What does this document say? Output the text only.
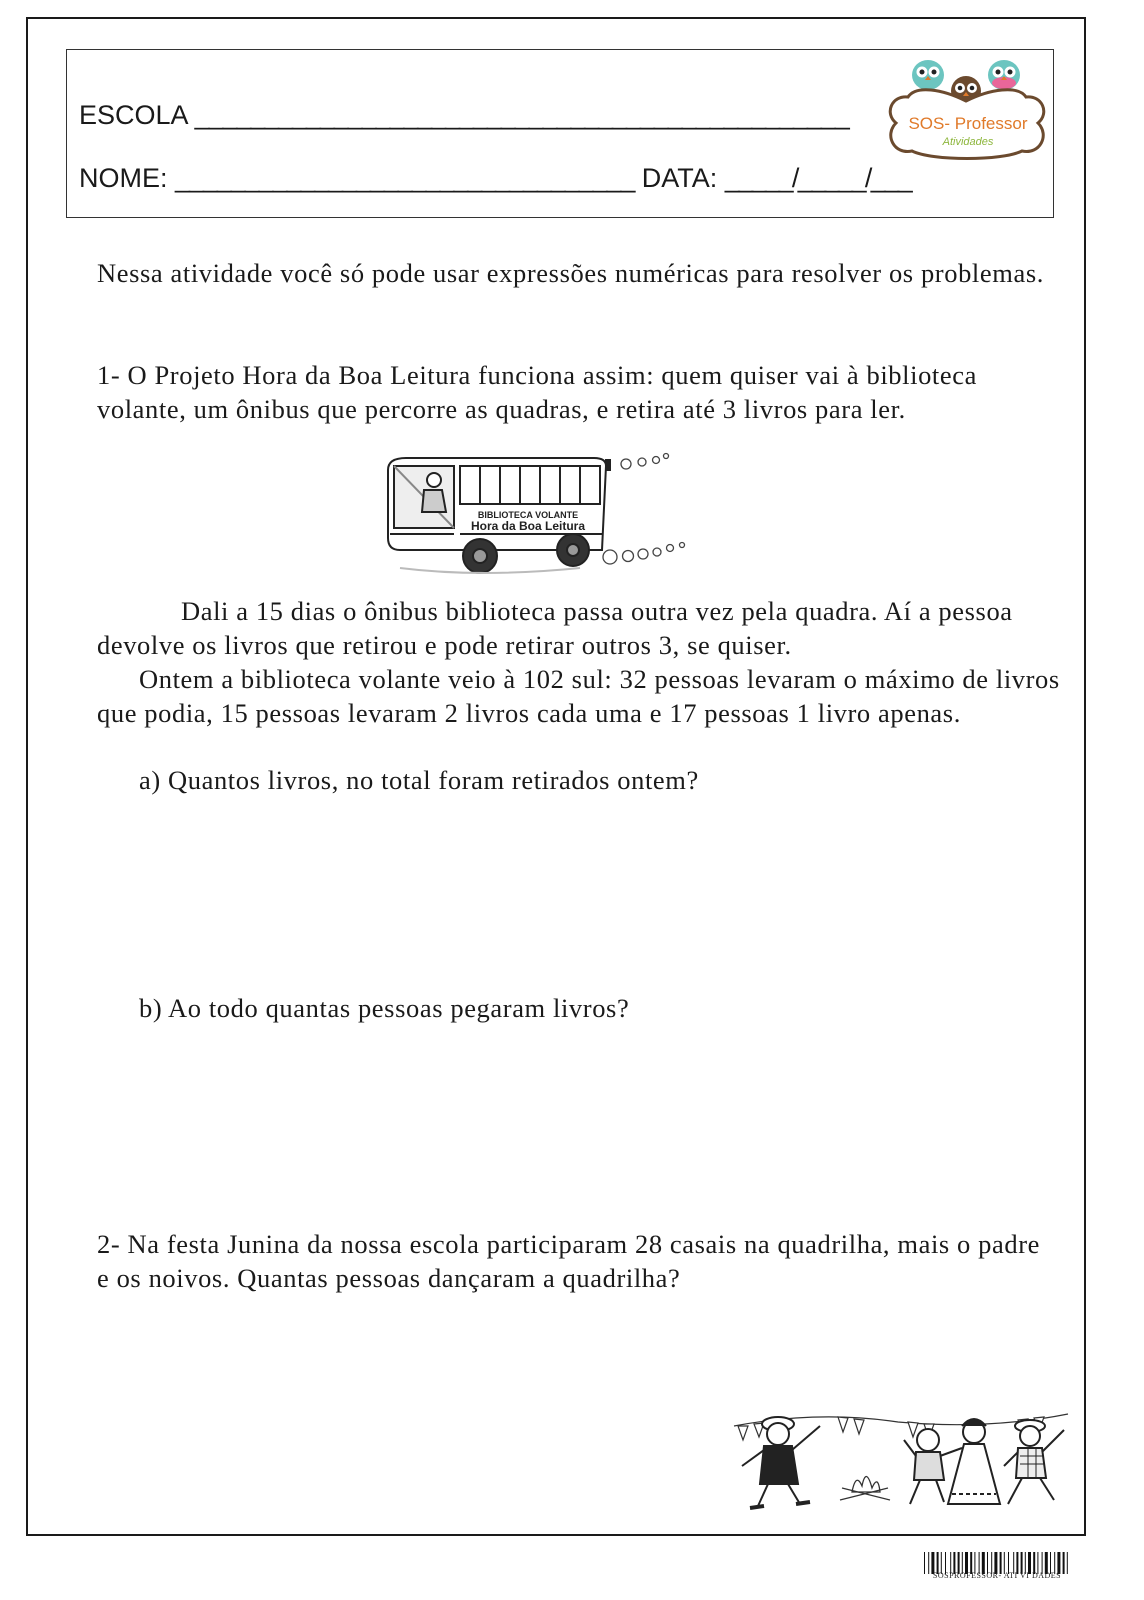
ESCOLA _______________________________________________
NOME: _________________________________ DATA: _____/_____/___
SOS- Professor
Atividades
Nessa atividade você só pode usar expressões numéricas para resolver os problemas.
1- O Projeto Hora da Boa Leitura funciona assim: quem quiser vai à biblioteca volante, um ônibus que percorre as quadras, e retira até 3 livros para ler.
BIBLIOTECA VOLANTE
Hora da Boa Leitura
Dali a 15 dias o ônibus biblioteca passa outra vez pela quadra. Aí a pessoa devolve os livros que retirou e pode retirar outros 3, se quiser.
Ontem a biblioteca volante veio à 102 sul: 32 pessoas levaram o máximo de livros que podia, 15 pessoas levaram 2 livros cada uma e 17 pessoas 1 livro apenas.
a) Quantos livros, no total foram retirados ontem?
b) Ao todo quantas pessoas pegaram livros?
2- Na festa Junina da nossa escola participaram 28 casais na quadrilha, mais o padre e os noivos. Quantas pessoas dançaram a quadrilha?
SOSPROFESSOR- ATI VI DADES
